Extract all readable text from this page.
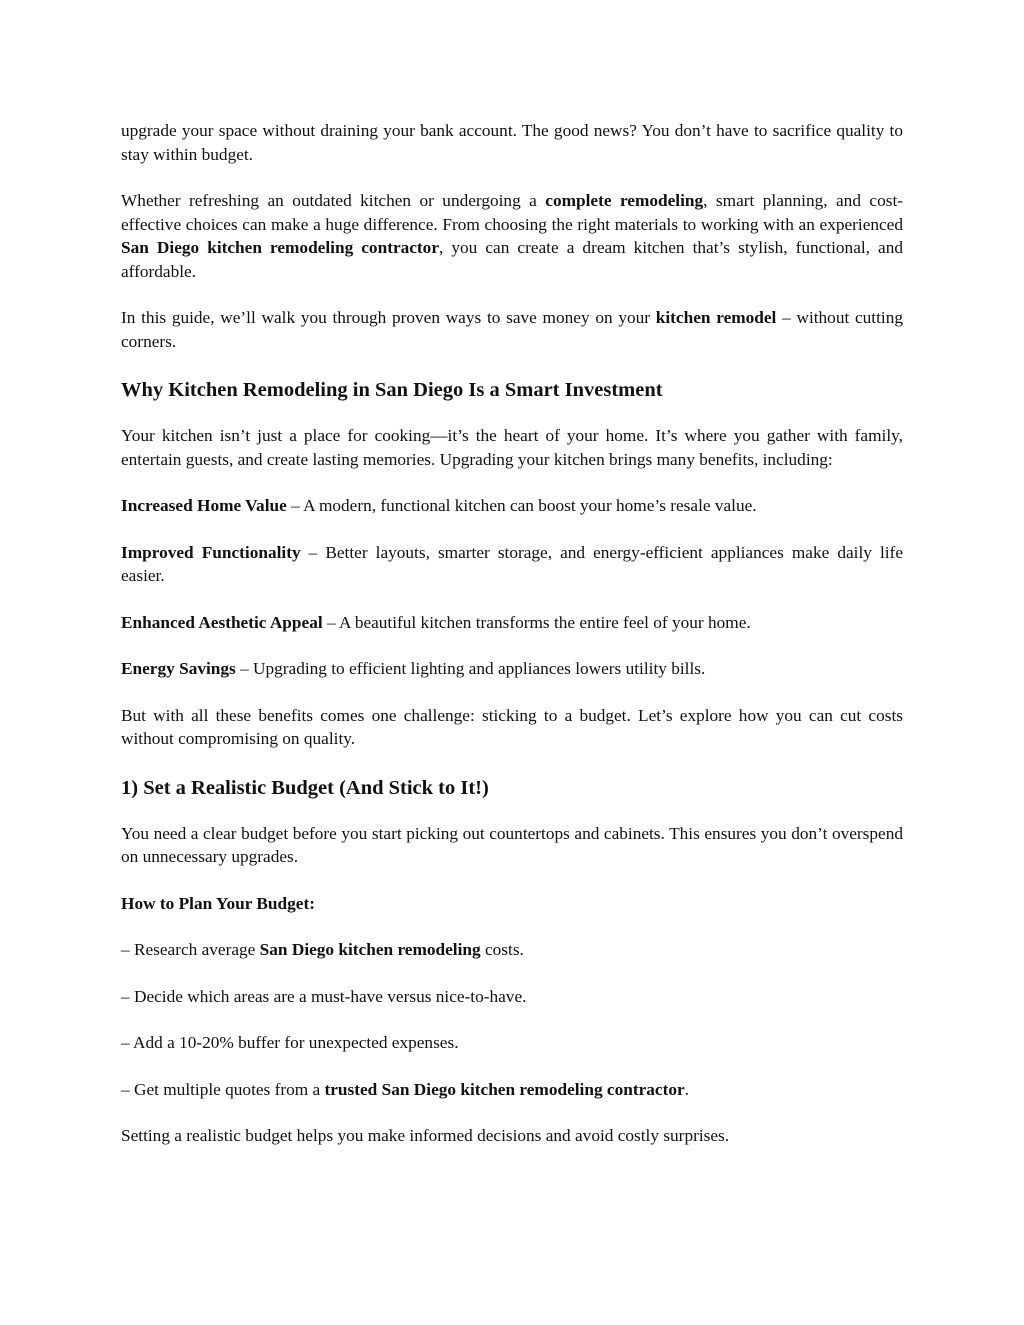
upgrade your space without draining your bank account. The good news? You don’t have to sacrifice quality to stay within budget.

Whether refreshing an outdated kitchen or undergoing a complete remodeling, smart planning, and cost-effective choices can make a huge difference. From choosing the right materials to working with an experienced San Diego kitchen remodeling contractor, you can create a dream kitchen that’s stylish, functional, and affordable.

In this guide, we’ll walk you through proven ways to save money on your kitchen remodel – without cutting corners.

Why Kitchen Remodeling in San Diego Is a Smart Investment

Your kitchen isn’t just a place for cooking—it’s the heart of your home. It’s where you gather with family, entertain guests, and create lasting memories. Upgrading your kitchen brings many benefits, including:

Increased Home Value – A modern, functional kitchen can boost your home’s resale value.

Improved Functionality – Better layouts, smarter storage, and energy-efficient appliances make daily life easier.

Enhanced Aesthetic Appeal – A beautiful kitchen transforms the entire feel of your home.

Energy Savings – Upgrading to efficient lighting and appliances lowers utility bills.

But with all these benefits comes one challenge: sticking to a budget. Let’s explore how you can cut costs without compromising on quality.

1) Set a Realistic Budget (And Stick to It!)

You need a clear budget before you start picking out countertops and cabinets. This ensures you don’t overspend on unnecessary upgrades.

How to Plan Your Budget:

– Research average San Diego kitchen remodeling costs.

– Decide which areas are a must-have versus nice-to-have.

– Add a 10-20% buffer for unexpected expenses.

– Get multiple quotes from a trusted San Diego kitchen remodeling contractor.

Setting a realistic budget helps you make informed decisions and avoid costly surprises.
